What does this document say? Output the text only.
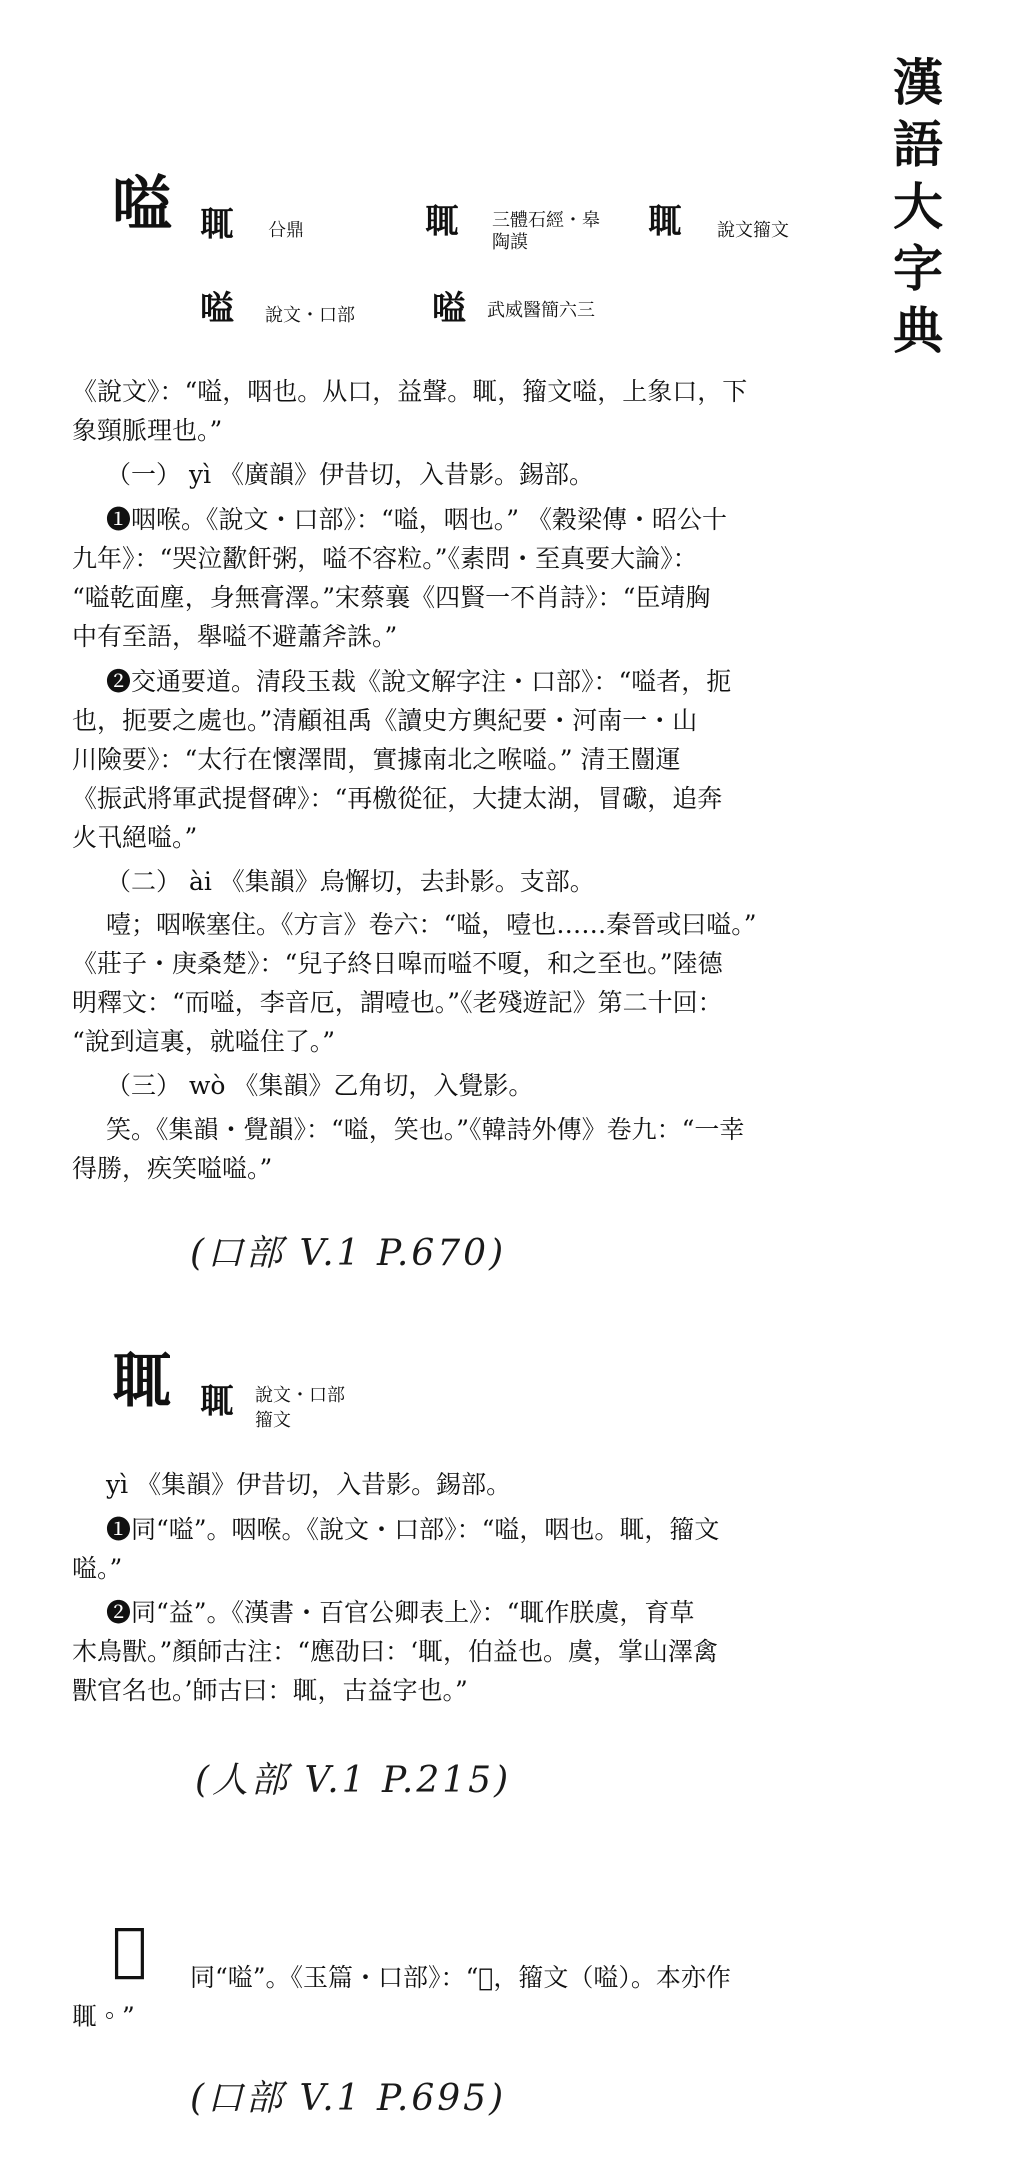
漢
語
大
字
典
嗌 𦕿 㕣鼎	𦕿 三體石經・皋陶謨
𦕿 說文籀文
嗌 說文・口部 嗌 武威醫簡六三
《說文》：“嗌，咽也。从口，益聲。𦕿，籀文嗌，上象口，下
象頸脈理也。”
（一） yì 《廣韻》伊昔切，入昔影。錫部。
❶咽喉。《說文・口部》：“嗌，咽也。” 《穀梁傳・昭公十
九年》：“哭泣歠飦粥，嗌不容粒。”《素問・至真要大論》：
“嗌乾面塵，身無膏澤。”宋蔡襄《四賢一不肖詩》：“臣靖胸
中有至語，舉嗌不避蕭斧誅。”
❷交通要道。清段玉裁《說文解字注・口部》：“嗌者，扼
也，扼要之處也。”清顧祖禹《讀史方輿紀要・河南一・山
川險要》：“太行在懷澤間，實據南北之喉嗌。” 清王闓運
《振武將軍武提督碑》：“再檄從征，大捷太湖，冒礮，追奔
火卂絕嗌。”
（二） ài 《集韻》烏懈切，去卦影。支部。
噎；咽喉塞住。《方言》卷六：“嗌，噎也……秦晉或曰嗌。”
《莊子・庚桑楚》：“兒子終日嗥而嗌不嗄，和之至也。”陸德
明釋文：“而嗌，李音厄，謂噎也。”《老殘遊記》第二十回：
“說到這裏，就嗌住了。”
（三） wò 《集韻》乙角切，入覺影。
笑。《集韻・覺韻》：“嗌，笑也。”《韓詩外傳》卷九：“一幸
得勝，疾笑嗌嗌。”
(口部 V.1 P.670)
𦕿 𦕿 說文・口部
籀文
yì 《集韻》伊昔切，入昔影。錫部。
❶同“嗌”。咽喉。《說文・口部》：“嗌，咽也。𦕿，籀文
嗌。”
❷同“益”。《漢書・百官公卿表上》：“𦕿作朕虞，育草
木鳥獸。”顏師古注：“應劭曰：‘𦕿，伯益也。虞，掌山澤禽
獸官名也。’師古曰：𦕿，古益字也。”
(人部 V.1 P.215)
𭈘 同“嗌”。《玉篇・口部》：“𭈘，籀文（嗌）。本亦作
𦕿。”
(口部 V.1 P.695)
